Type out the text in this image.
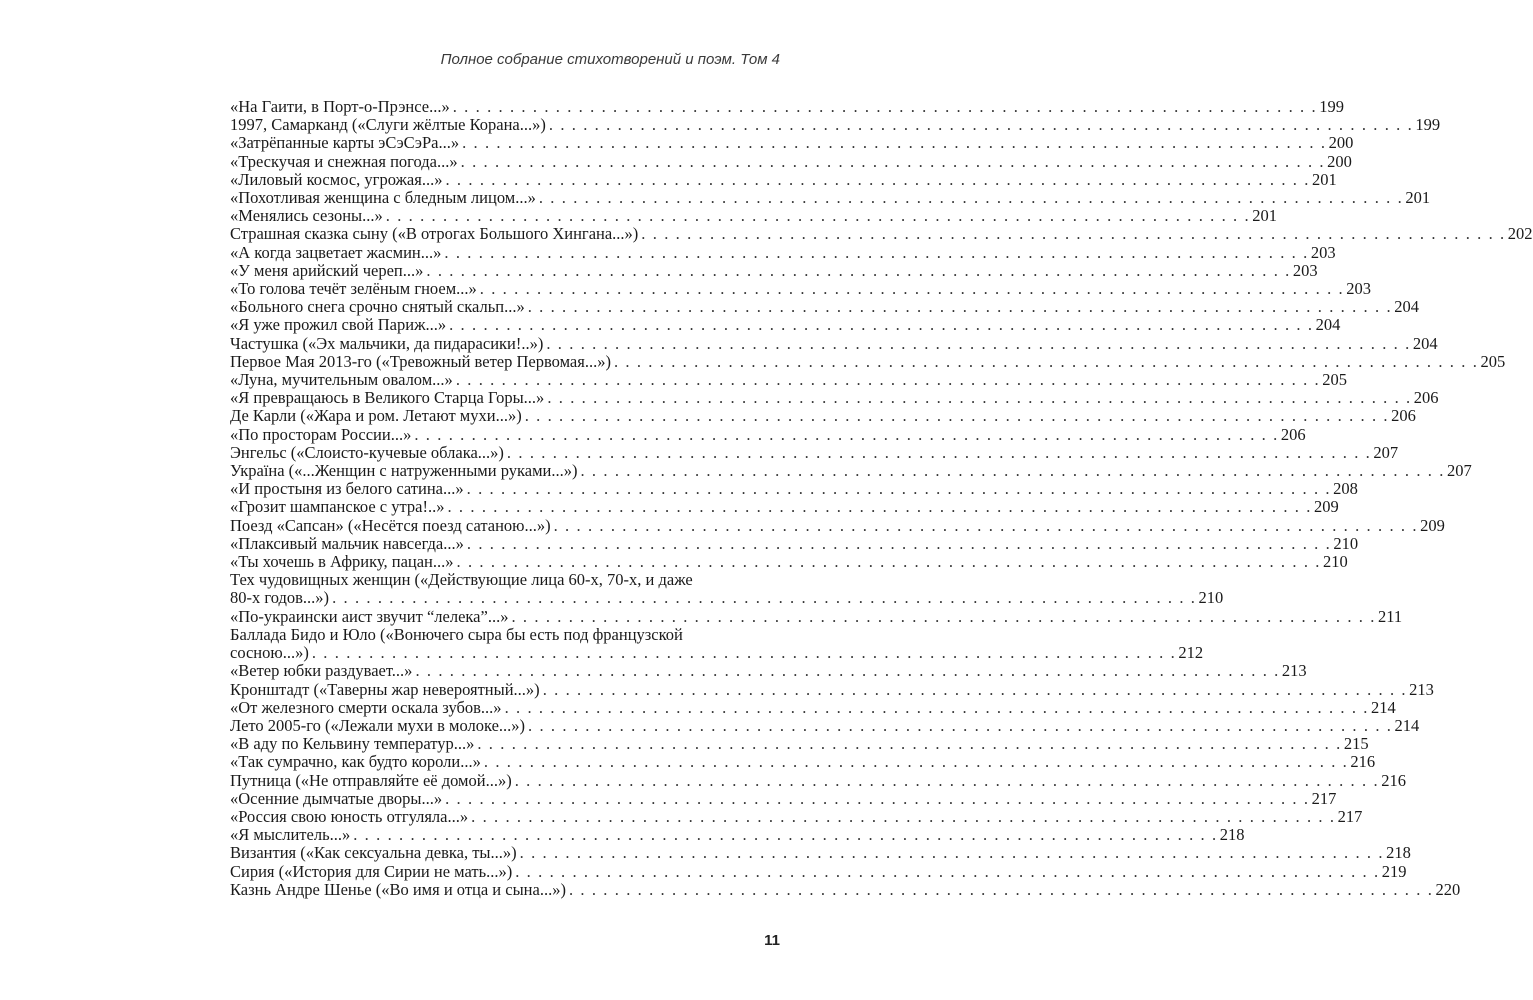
Полное собрание стихотворений и поэм. Том 4
«На Гаити, в Порт-о-Прэнсе...» . . . . . . . . . . . . . . . . . . . . . . . . . . . . . . . . . . . . . . . . . . . . . . . . . . . . . . . . . . . . . . . . . . . . . . . . . . . . 199
1997, Самарканд («Слуги жёлтые Корана...») . . . . . . . . . . . . . . . . . . . . . . . . . . . . . . . . . . . . . . . . . . . . . . . . . . . . . . . . . . . . . . . . . . . . . . . . . . . . 199
«Затрёпанные карты эСэСэРа...» . . . . . . . . . . . . . . . . . . . . . . . . . . . . . . . . . . . . . . . . . . . . . . . . . . . . . . . . . . . . . . . . . . . . . . . . . . . . 200
«Трескучая и снежная погода...» . . . . . . . . . . . . . . . . . . . . . . . . . . . . . . . . . . . . . . . . . . . . . . . . . . . . . . . . . . . . . . . . . . . . . . . . . . . . 200
«Лиловый космос, угрожая...» . . . . . . . . . . . . . . . . . . . . . . . . . . . . . . . . . . . . . . . . . . . . . . . . . . . . . . . . . . . . . . . . . . . . . . . . . . . . 201
«Похотливая женщина с бледным лицом...» . . . . . . . . . . . . . . . . . . . . . . . . . . . . . . . . . . . . . . . . . . . . . . . . . . . . . . . . . . . . . . . . . . . . . . . . . . . . 201
«Менялись сезоны...» . . . . . . . . . . . . . . . . . . . . . . . . . . . . . . . . . . . . . . . . . . . . . . . . . . . . . . . . . . . . . . . . . . . . . . . . . . . . 201
Страшная сказка сыну («В отрогах Большого Хингана...») . . . . . . . . . . . . . . . . . . . . . . . . . . . . . . . . . . . . . . . . . . . . . . . . . . . . . . . . . . . . . . . . . . . . . . . . . . . . 202
«А когда зацветает жасмин...» . . . . . . . . . . . . . . . . . . . . . . . . . . . . . . . . . . . . . . . . . . . . . . . . . . . . . . . . . . . . . . . . . . . . . . . . . . . . 203
«У меня арийский череп...» . . . . . . . . . . . . . . . . . . . . . . . . . . . . . . . . . . . . . . . . . . . . . . . . . . . . . . . . . . . . . . . . . . . . . . . . . . . . 203
«То голова течёт зелёным гноем...» . . . . . . . . . . . . . . . . . . . . . . . . . . . . . . . . . . . . . . . . . . . . . . . . . . . . . . . . . . . . . . . . . . . . . . . . . . . . 203
«Больного снега срочно снятый скальп...» . . . . . . . . . . . . . . . . . . . . . . . . . . . . . . . . . . . . . . . . . . . . . . . . . . . . . . . . . . . . . . . . . . . . . . . . . . . . 204
«Я уже прожил свой Париж...» . . . . . . . . . . . . . . . . . . . . . . . . . . . . . . . . . . . . . . . . . . . . . . . . . . . . . . . . . . . . . . . . . . . . . . . . . . . . 204
Частушка («Эх мальчики, да пидарасики!..») . . . . . . . . . . . . . . . . . . . . . . . . . . . . . . . . . . . . . . . . . . . . . . . . . . . . . . . . . . . . . . . . . . . . . . . . . . . . 204
Первое Мая 2013-го («Тревожный ветер Первомая...») . . . . . . . . . . . . . . . . . . . . . . . . . . . . . . . . . . . . . . . . . . . . . . . . . . . . . . . . . . . . . . . . . . . . . . . . . . . . 205
«Луна, мучительным овалом...» . . . . . . . . . . . . . . . . . . . . . . . . . . . . . . . . . . . . . . . . . . . . . . . . . . . . . . . . . . . . . . . . . . . . . . . . . . . . 205
«Я превращаюсь в Великого Старца Горы...» . . . . . . . . . . . . . . . . . . . . . . . . . . . . . . . . . . . . . . . . . . . . . . . . . . . . . . . . . . . . . . . . . . . . . . . . . . . . 206
Де Карли («Жара и ром. Летают мухи...») . . . . . . . . . . . . . . . . . . . . . . . . . . . . . . . . . . . . . . . . . . . . . . . . . . . . . . . . . . . . . . . . . . . . . . . . . . . . 206
«По просторам России...» . . . . . . . . . . . . . . . . . . . . . . . . . . . . . . . . . . . . . . . . . . . . . . . . . . . . . . . . . . . . . . . . . . . . . . . . . . . . 206
Энгельс («Слоисто-кучевые облака...») . . . . . . . . . . . . . . . . . . . . . . . . . . . . . . . . . . . . . . . . . . . . . . . . . . . . . . . . . . . . . . . . . . . . . . . . . . . . 207
Украïна («...Женщин с натруженными руками...») . . . . . . . . . . . . . . . . . . . . . . . . . . . . . . . . . . . . . . . . . . . . . . . . . . . . . . . . . . . . . . . . . . . . . . . . . . . . 207
«И простыня из белого сатина...» . . . . . . . . . . . . . . . . . . . . . . . . . . . . . . . . . . . . . . . . . . . . . . . . . . . . . . . . . . . . . . . . . . . . . . . . . . . . 208
«Грозит шампанское с утра!..» . . . . . . . . . . . . . . . . . . . . . . . . . . . . . . . . . . . . . . . . . . . . . . . . . . . . . . . . . . . . . . . . . . . . . . . . . . . . 209
Поезд «Сапсан» («Несётся поезд сатаною...») . . . . . . . . . . . . . . . . . . . . . . . . . . . . . . . . . . . . . . . . . . . . . . . . . . . . . . . . . . . . . . . . . . . . . . . . . . . . 209
«Плаксивый мальчик навсегда...» . . . . . . . . . . . . . . . . . . . . . . . . . . . . . . . . . . . . . . . . . . . . . . . . . . . . . . . . . . . . . . . . . . . . . . . . . . . . 210
«Ты хочешь в Африку, пацан...» . . . . . . . . . . . . . . . . . . . . . . . . . . . . . . . . . . . . . . . . . . . . . . . . . . . . . . . . . . . . . . . . . . . . . . . . . . . . 210
Тех чудовищных женщин («Действующие лица 60-х, 70-х, и даже
80-х годов...») . . . . . . . . . . . . . . . . . . . . . . . . . . . . . . . . . . . . . . . . . . . . . . . . . . . . . . . . . . . . . . . . . . . . . . . . . . . . 210
«По-украински аист звучит “лелека”...» . . . . . . . . . . . . . . . . . . . . . . . . . . . . . . . . . . . . . . . . . . . . . . . . . . . . . . . . . . . . . . . . . . . . . . . . . . . . 211
Баллада Бидо и Юло («Вонючего сыра бы есть под французской
сосною...») . . . . . . . . . . . . . . . . . . . . . . . . . . . . . . . . . . . . . . . . . . . . . . . . . . . . . . . . . . . . . . . . . . . . . . . . . . . . 212
«Ветер юбки раздувает...» . . . . . . . . . . . . . . . . . . . . . . . . . . . . . . . . . . . . . . . . . . . . . . . . . . . . . . . . . . . . . . . . . . . . . . . . . . . . 213
Кронштадт («Таверны жар невероятный...») . . . . . . . . . . . . . . . . . . . . . . . . . . . . . . . . . . . . . . . . . . . . . . . . . . . . . . . . . . . . . . . . . . . . . . . . . . . . 213
«От железного смерти оскала зубов...» . . . . . . . . . . . . . . . . . . . . . . . . . . . . . . . . . . . . . . . . . . . . . . . . . . . . . . . . . . . . . . . . . . . . . . . . . . . . 214
Лето 2005-го («Лежали мухи в молоке...») . . . . . . . . . . . . . . . . . . . . . . . . . . . . . . . . . . . . . . . . . . . . . . . . . . . . . . . . . . . . . . . . . . . . . . . . . . . . 214
«В аду по Кельвину температур...» . . . . . . . . . . . . . . . . . . . . . . . . . . . . . . . . . . . . . . . . . . . . . . . . . . . . . . . . . . . . . . . . . . . . . . . . . . . . 215
«Так сумрачно, как будто короли...» . . . . . . . . . . . . . . . . . . . . . . . . . . . . . . . . . . . . . . . . . . . . . . . . . . . . . . . . . . . . . . . . . . . . . . . . . . . . 216
Путница («Не отправляйте её домой...») . . . . . . . . . . . . . . . . . . . . . . . . . . . . . . . . . . . . . . . . . . . . . . . . . . . . . . . . . . . . . . . . . . . . . . . . . . . . 216
«Осенние дымчатые дворы...» . . . . . . . . . . . . . . . . . . . . . . . . . . . . . . . . . . . . . . . . . . . . . . . . . . . . . . . . . . . . . . . . . . . . . . . . . . . . 217
«Россия свою юность отгуляла...» . . . . . . . . . . . . . . . . . . . . . . . . . . . . . . . . . . . . . . . . . . . . . . . . . . . . . . . . . . . . . . . . . . . . . . . . . . . . 217
«Я мыслитель...» . . . . . . . . . . . . . . . . . . . . . . . . . . . . . . . . . . . . . . . . . . . . . . . . . . . . . . . . . . . . . . . . . . . . . . . . . . . . 218
Византия («Как сексуальна девка, ты...») . . . . . . . . . . . . . . . . . . . . . . . . . . . . . . . . . . . . . . . . . . . . . . . . . . . . . . . . . . . . . . . . . . . . . . . . . . . . 218
Сирия («История для Сирии не мать...») . . . . . . . . . . . . . . . . . . . . . . . . . . . . . . . . . . . . . . . . . . . . . . . . . . . . . . . . . . . . . . . . . . . . . . . . . . . . 219
Казнь Андре Шенье («Во имя и отца и сына...») . . . . . . . . . . . . . . . . . . . . . . . . . . . . . . . . . . . . . . . . . . . . . . . . . . . . . . . . . . . . . . . . . . . . . . . . . . . . 220
11
